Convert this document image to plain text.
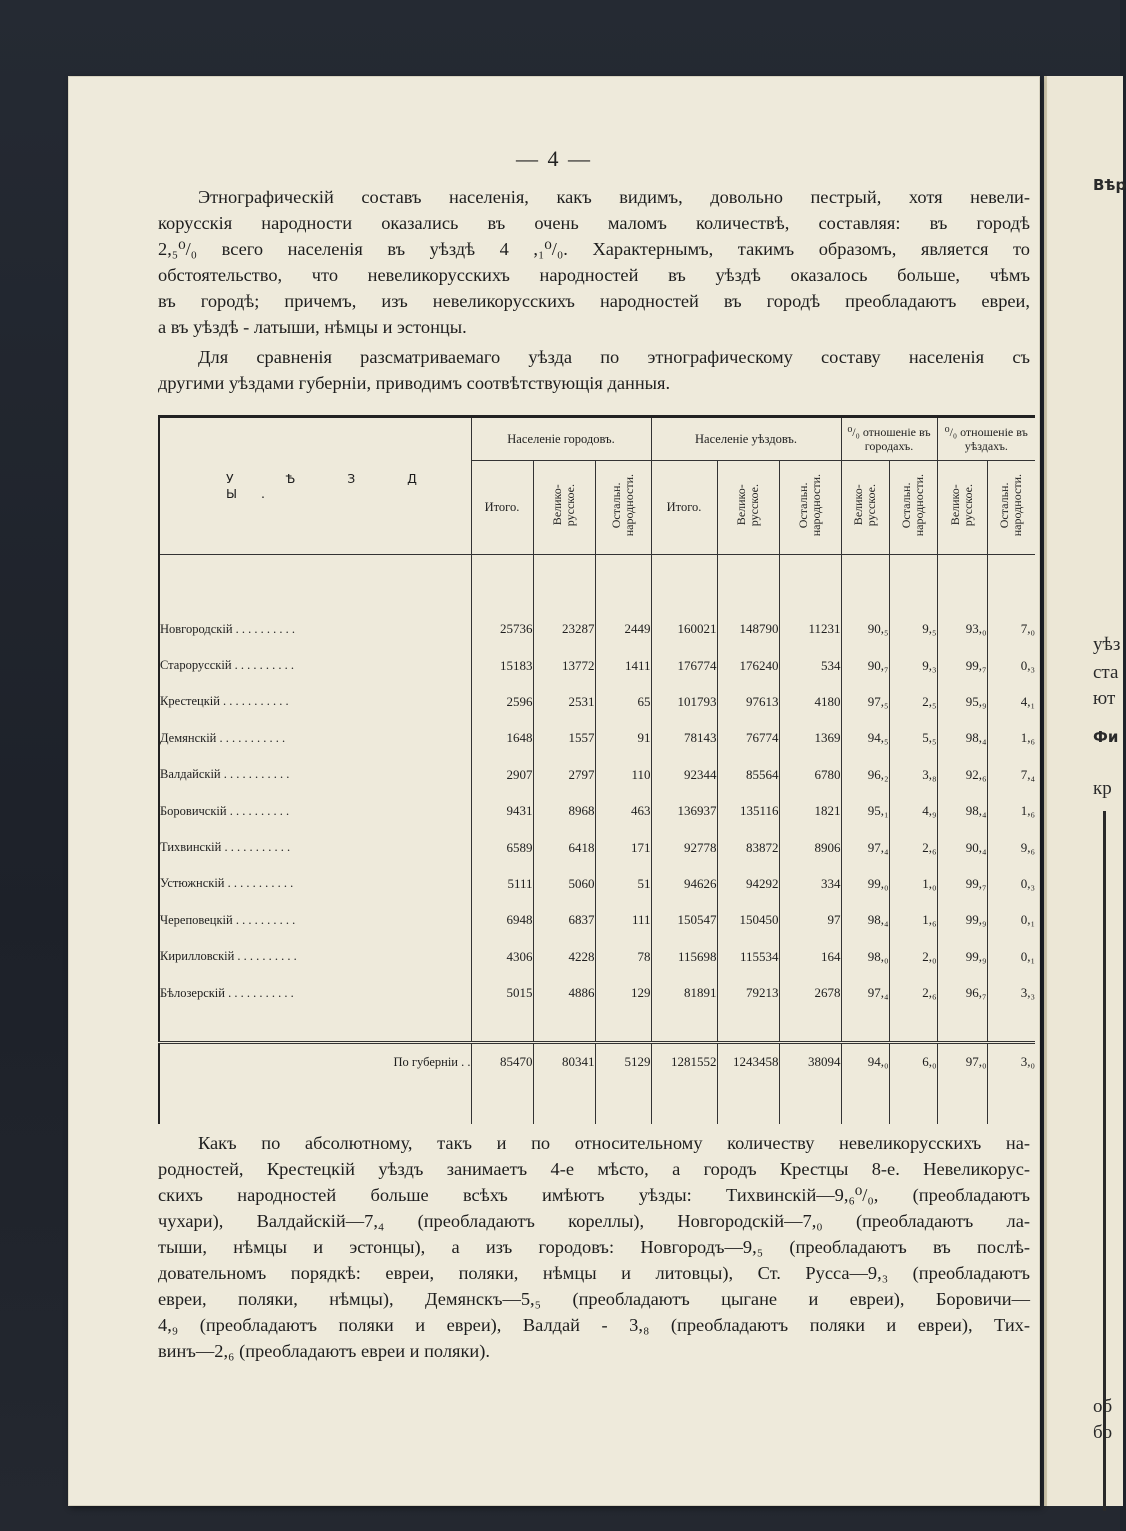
Вѣр
уѣз
ста
ют
Фи
кр
об
бо
— 4 —

Этнографическій составъ населенія, какъ видимъ, довольно пестрый, хотя невели-
корусскія народности оказались въ очень маломъ количествѣ, составляя: въ городѣ
2,₅⁰/₀ всего населенія въ уѣздѣ 4 ,₁⁰/₀. Характернымъ, такимъ образомъ, является то
обстоятельство, что невеликорусскихъ народностей въ уѣздѣ оказалось больше, чѣмъ
въ городѣ; причемъ, изъ невеликорусскихъ народностей въ городѣ преобладаютъ евреи,
а въ уѣздѣ - латыши, нѣмцы и эстонцы.

Для сравненія разсматриваемаго уѣзда по этнографическому составу населенія съ
другими уѣздами губерніи, приводимъ соотвѣтствующія данныя.

У Ѣ З Д Ы.	Населеніе городовъ.			Населеніе уѣздовъ.			⁰/₀ отношеніе въ городахъ.		⁰/₀ отношеніе въ уѣздахъ.	
	Итого.	Велико-
русское.	Остальн.
народности.	Итого.	Велико-
русское.	Остальн.
народности.	Велико-
русское.	Остальн.
народности.	Велико-
русское.	Остальн.
народности.

Новгородскій . . . . . . . . . .	25736	23287	2449	160021	148790	11231	90,₅	9,₅	93,₀	7,₀
Старорусскій . . . . . . . . . .	15183	13772	1411	176774	176240	534	90,₇	9,₃	99,₇	0,₃
Крестецкій . . . . . . . . . . .	2596	2531	65	101793	97613	4180	97,₅	2,₅	95,₉	4,₁
Демянскій . . . . . . . . . . .	1648	1557	91	78143	76774	1369	94,₅	5,₅	98,₄	1,₆
Валдайскій . . . . . . . . . . .	2907	2797	110	92344	85564	6780	96,₂	3,₈	92,₆	7,₄
Боровичскій . . . . . . . . . .	9431	8968	463	136937	135116	1821	95,₁	4,₉	98,₄	1,₆
Тихвинскій . . . . . . . . . . .	6589	6418	171	92778	83872	8906	97,₄	2,₆	90,₄	9,₆
Устюжнскій . . . . . . . . . . .	5111	5060	51	94626	94292	334	99,₀	1,₀	99,₇	0,₃
Череповецкій . . . . . . . . . .	6948	6837	111	150547	150450	97	98,₄	1,₆	99,₉	0,₁
Кирилловскій . . . . . . . . . .	4306	4228	78	115698	115534	164	98,₀	2,₀	99,₉	0,₁
Бѣлозерскій . . . . . . . . . . .	5015	4886	129	81891	79213	2678	97,₄	2,₆	96,₇	3,₃

По губерніи . .	85470	80341	5129	1281552	1243458	38094	94,₀	6,₀	97,₀	3,₀

Какъ по абсолютному, такъ и по относительному количеству невеликорусскихъ на-
родностей, Крестецкій уѣздъ занимаетъ 4-е мѣсто, а городъ Крестцы 8-е. Невеликорус-
скихъ народностей больше всѣхъ имѣютъ уѣзды: Тихвинскій—9,₆⁰/₀, (преобладаютъ
чухари), Валдайскій—7,₄ (преобладаютъ кореллы), Новгородскій—7,₀ (преобладаютъ ла-
тыши, нѣмцы и эстонцы), а изъ городовъ: Новгородъ—9,₅ (преобладаютъ въ послѣ-
довательномъ порядкѣ: евреи, поляки, нѣмцы и литовцы), Ст. Русса—9,₃ (преобладаютъ
евреи, поляки, нѣмцы), Демянскъ—5,₅ (преобладаютъ цыгане и евреи), Боровичи—
4,₉ (преобладаютъ поляки и евреи), Валдай - 3,₈ (преобладаютъ поляки и евреи), Тих-
винъ—2,₆ (преобладаютъ евреи и поляки).
